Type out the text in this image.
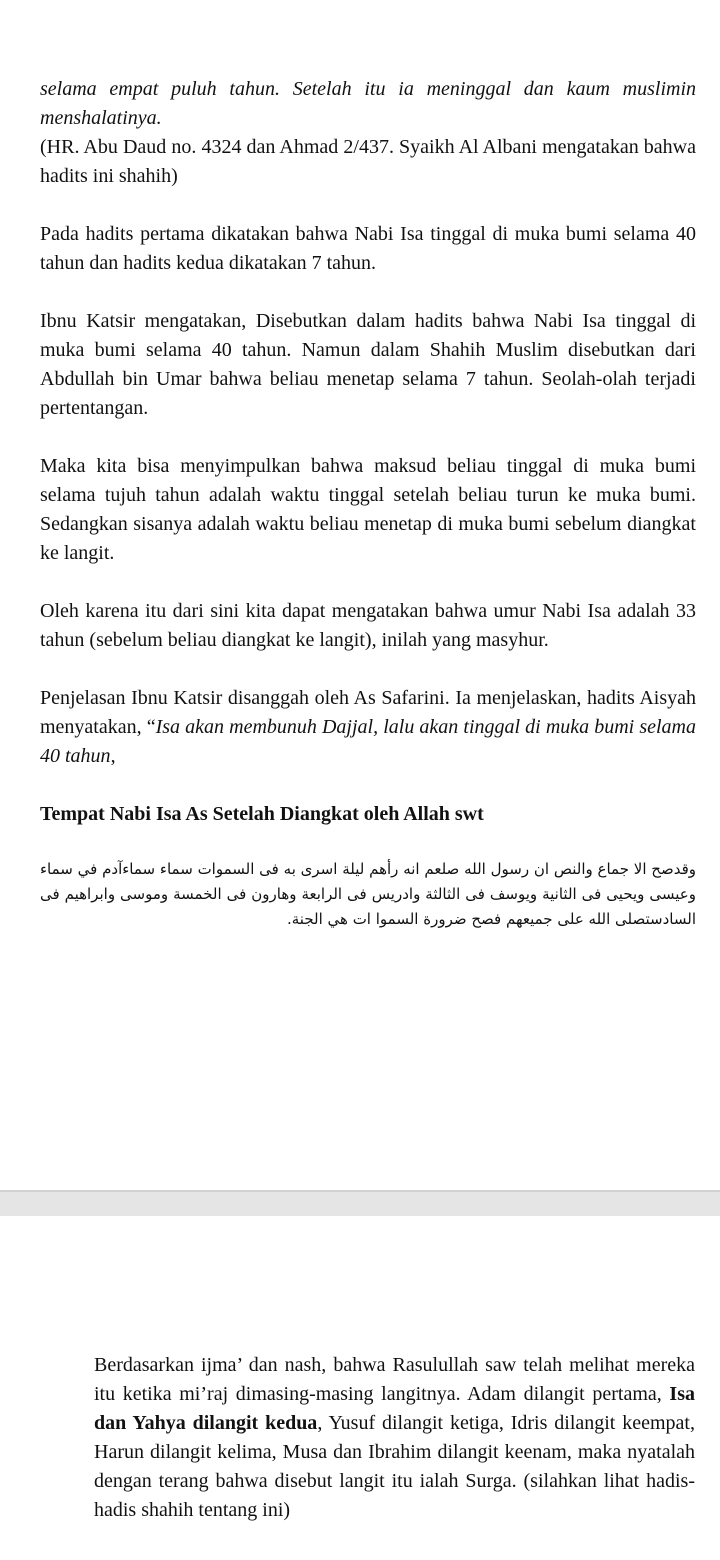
selama empat puluh tahun. Setelah itu ia meninggal dan kaum muslimin menshalatinya.

(HR. Abu Daud no. 4324 dan Ahmad 2/437. Syaikh Al Albani mengatakan bahwa hadits ini shahih)

Pada hadits pertama dikatakan bahwa Nabi Isa tinggal di muka bumi selama 40 tahun dan hadits kedua dikatakan 7 tahun.

Ibnu Katsir mengatakan, Disebutkan dalam hadits bahwa Nabi Isa tinggal di muka bumi selama 40 tahun. Namun dalam Shahih Muslim disebutkan dari Abdullah bin Umar bahwa beliau menetap selama 7 tahun. Seolah-olah terjadi pertentangan.

Maka kita bisa menyimpulkan bahwa maksud beliau tinggal di muka bumi selama tujuh tahun adalah waktu tinggal setelah beliau turun ke muka bumi. Sedangkan sisanya adalah waktu beliau menetap di muka bumi sebelum diangkat ke langit.

Oleh karena itu dari sini kita dapat mengatakan bahwa umur Nabi Isa adalah 33 tahun (sebelum beliau diangkat ke langit), inilah yang masyhur.

Penjelasan Ibnu Katsir disanggah oleh As Safarini. Ia menjelaskan, hadits Aisyah menyatakan, “Isa akan membunuh Dajjal, lalu akan tinggal di muka bumi selama 40 tahun,

Tempat Nabi Isa As Setelah Diangkat oleh Allah swt

وقدصح الا جماع والنص ان رسول الله صلعم انه رأهم ليلة اسرى به فى السموات سماء سماءآدم في سماء وعيسى ويحيى فى الثانية ويوسف فى الثالثة وادريس فى الرابعة وهارون فى الخمسة وموسى وابراهيم فى السادستصلى الله على جميعهم فصح ضرورة السموا ات هي الجنة.

Berdasarkan ijma’ dan nash, bahwa Rasulullah saw telah melihat mereka itu ketika mi’raj dimasing-masing langitnya. Adam dilangit pertama, Isa dan Yahya dilangit kedua, Yusuf dilangit ketiga, Idris dilangit keempat, Harun dilangit kelima, Musa dan Ibrahim dilangit keenam, maka nyatalah dengan terang bahwa disebut langit itu ialah Surga. (silahkan lihat hadis-hadis shahih tentang ini)
